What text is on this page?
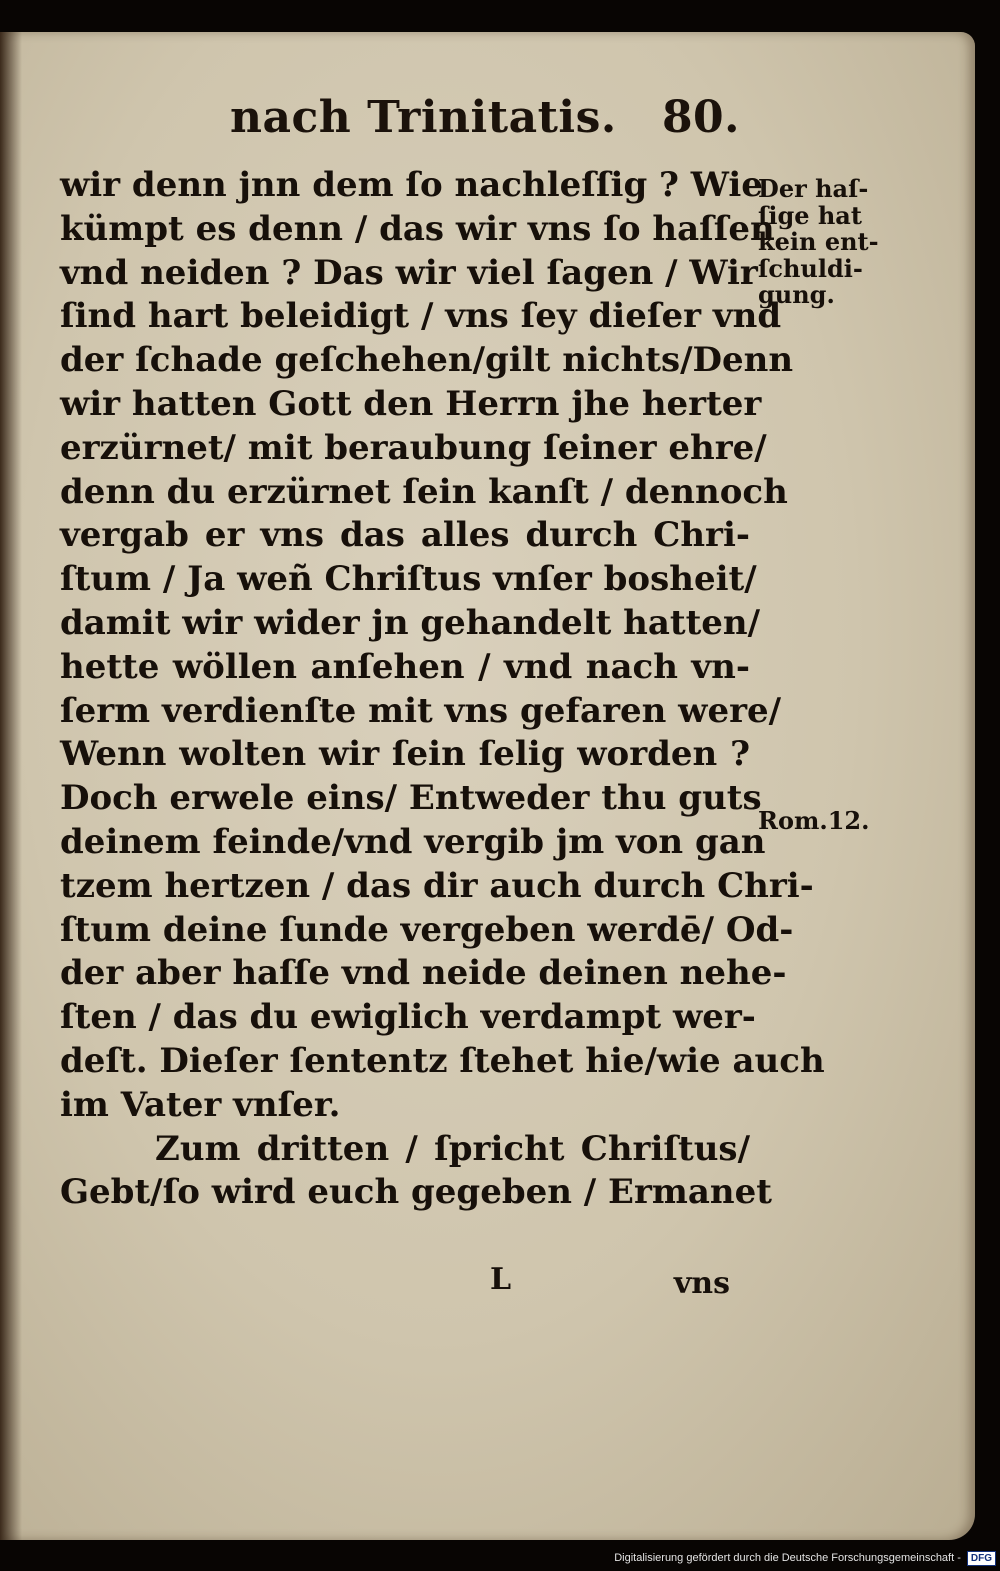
nach Trinitatis. 80.
wir denn jnn dem ſo nachleſſig ? Wie
kümpt es denn / das wir vns ſo haſſen
vnd neiden ? Das wir viel ſagen / Wir
ſind hart beleidigt / vns ſey dieſer vnd
der ſchade geſchehen/gilt nichts/Denn
wir hatten Gott den Herrn jhe herter
erzürnet/ mit beraubung ſeiner ehre/
denn du erzürnet ſein kanſt / dennoch
vergab er vns das alles durch Chri-
ſtum / Ja weñ Chriſtus vnſer bosheit/
damit wir wider jn gehandelt hatten/
hette wöllen anſehen / vnd nach vn-
ſerm verdienſte mit vns gefaren were/
Wenn wolten wir ſein ſelig worden ?
Doch erwele eins/ Entweder thu guts
deinem feinde/vnd vergib jm von gan
tzem hertzen / das dir auch durch Chri-
ſtum deine ſunde vergeben werdē/ Od-
der aber haſſe vnd neide deinen nehe-
ſten / das du ewiglich verdampt wer-
deſt. Dieſer ſententz ſtehet hie/wie auch
im Vater vnſer.
Zum dritten / ſpricht Chriſtus/
Gebt/ſo wird euch gegeben / Ermanet
Der haſ-
ſige hat
kein ent-
ſchuldi-
gung.
Rom.12.
L	vns
Digitalisierung gefördert durch die Deutsche Forschungsgemeinschaft -	DFG
